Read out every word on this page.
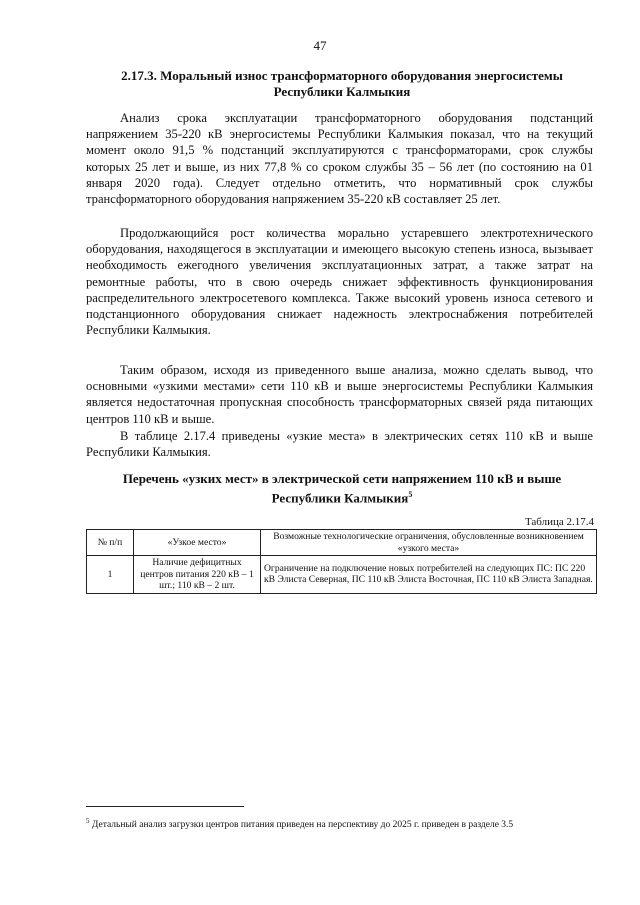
47
2.17.3. Моральный износ трансформаторного оборудования энергосистемы
Республики Калмыкия

Анализ срока эксплуатации трансформаторного оборудования подстанций напряжением 35-220 кВ энергосистемы Республики Калмыкия показал, что на текущий момент около 91,5 % подстанций эксплуатируются с трансформаторами, срок службы которых 25 лет и выше, из них 77,8 % со сроком службы 35 – 56 лет (по состоянию на 01 января 2020 года). Следует отдельно отметить, что нормативный срок службы трансформаторного оборудования напряжением 35-220 кВ составляет 25 лет.

Продолжающийся рост количества морально устаревшего электротехнического оборудования, находящегося в эксплуатации и имеющего высокую степень износа, вызывает необходимость ежегодного увеличения эксплуатационных затрат, а также затрат на ремонтные работы, что в свою очередь снижает эффективность функционирования распределительного электросетевого комплекса. Также высокий уровень износа сетевого и подстанционного оборудования снижает надежность электроснабжения потребителей Республики Калмыкия.

Таким образом, исходя из приведенного выше анализа, можно сделать вывод, что основными «узкими местами» сети 110 кВ и выше энергосистемы Республики Калмыкия является недостаточная пропускная способность трансформаторных связей ряда питающих центров 110 кВ и выше.

В таблице 2.17.4 приведены «узкие места» в электрических сетях 110 кВ и выше Республики Калмыкия.

Перечень «узких мест» в электрической сети напряжением 110 кВ и выше
Республики Калмыкия$^5$
Таблица 2.17.4
№ п/п	«Узкое место»	Возможные технологические ограничения, обусловленные возникновением «узкого места»
1	Наличие дефицитных центров питания 220 кВ – 1 шт.; 110 кВ – 2 шт.	Ограничение на подключение новых потребителей на следующих ПС: ПС 220 кВ Элиста Северная, ПС 110 кВ Элиста Восточная, ПС 110 кВ Элиста Западная.
$^5$ Детальный анализ загрузки центров питания приведен на перспективу до 2025 г. приведен в разделе 3.5
